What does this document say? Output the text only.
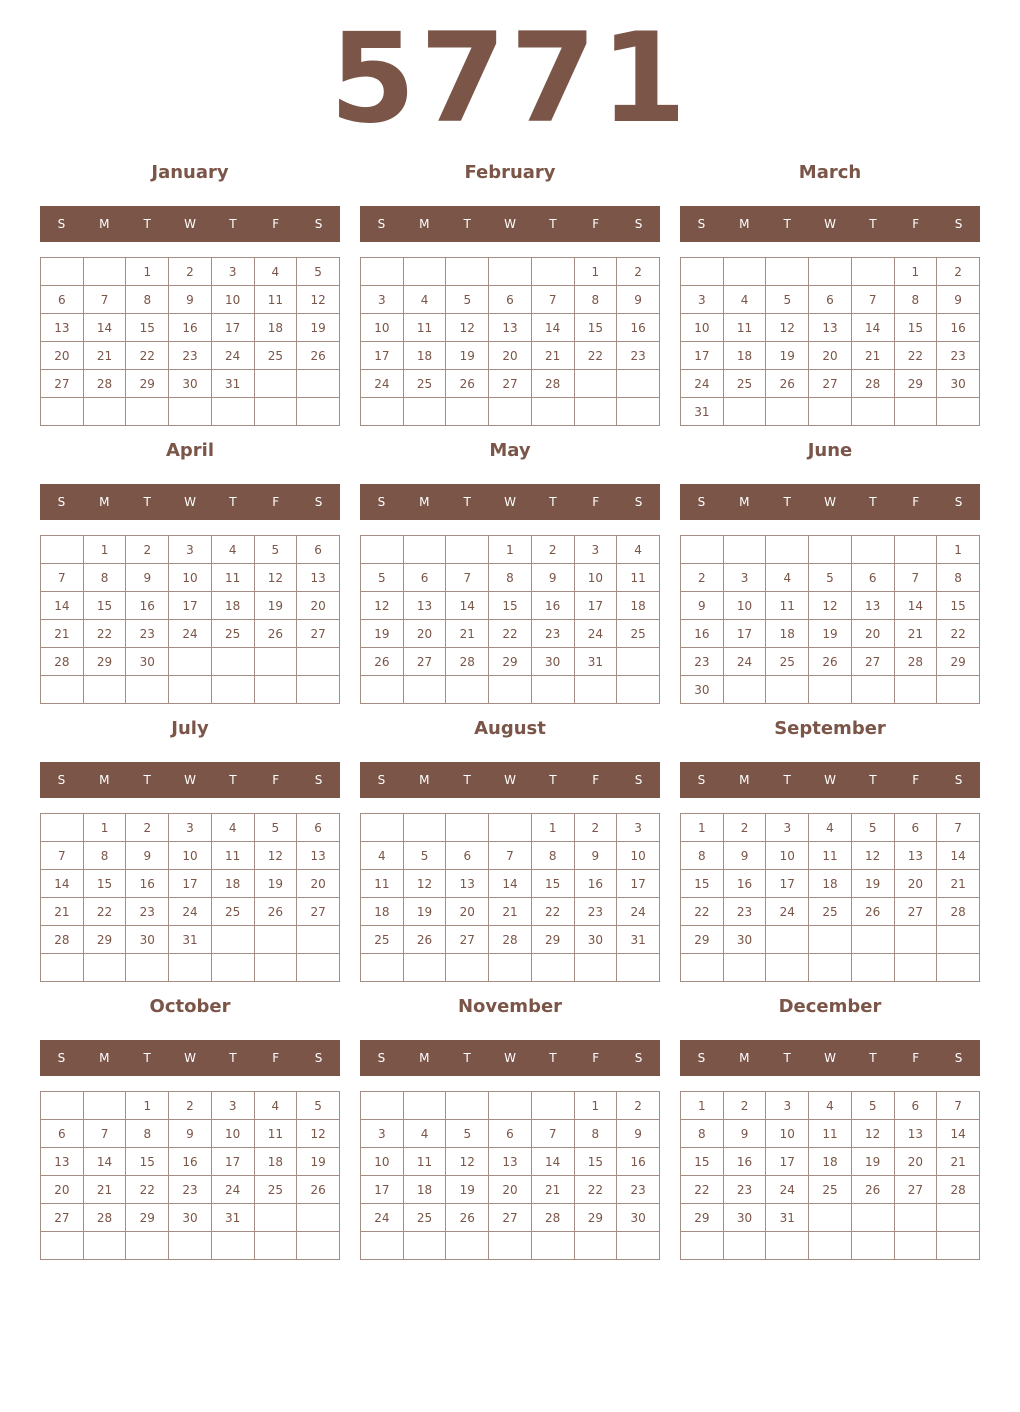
5771
January
S	M	T	W	T	F	S
		1	2	3	4	5
6	7	8	9	10	11	12
13	14	15	16	17	18	19
20	21	22	23	24	25	26
27	28	29	30	31		

February
S	M	T	W	T	F	S
					1	2
3	4	5	6	7	8	9
10	11	12	13	14	15	16
17	18	19	20	21	22	23
24	25	26	27	28		

March
S	M	T	W	T	F	S
					1	2
3	4	5	6	7	8	9
10	11	12	13	14	15	16
17	18	19	20	21	22	23
24	25	26	27	28	29	30
31						
April
S	M	T	W	T	F	S
	1	2	3	4	5	6
7	8	9	10	11	12	13
14	15	16	17	18	19	20
21	22	23	24	25	26	27
28	29	30				

May
S	M	T	W	T	F	S
			1	2	3	4
5	6	7	8	9	10	11
12	13	14	15	16	17	18
19	20	21	22	23	24	25
26	27	28	29	30	31	

June
S	M	T	W	T	F	S
						1
2	3	4	5	6	7	8
9	10	11	12	13	14	15
16	17	18	19	20	21	22
23	24	25	26	27	28	29
30						
July
S	M	T	W	T	F	S
	1	2	3	4	5	6
7	8	9	10	11	12	13
14	15	16	17	18	19	20
21	22	23	24	25	26	27
28	29	30	31			

August
S	M	T	W	T	F	S
				1	2	3
4	5	6	7	8	9	10
11	12	13	14	15	16	17
18	19	20	21	22	23	24
25	26	27	28	29	30	31

September
S	M	T	W	T	F	S
1	2	3	4	5	6	7
8	9	10	11	12	13	14
15	16	17	18	19	20	21
22	23	24	25	26	27	28
29	30					

October
S	M	T	W	T	F	S
		1	2	3	4	5
6	7	8	9	10	11	12
13	14	15	16	17	18	19
20	21	22	23	24	25	26
27	28	29	30	31		

November
S	M	T	W	T	F	S
					1	2
3	4	5	6	7	8	9
10	11	12	13	14	15	16
17	18	19	20	21	22	23
24	25	26	27	28	29	30

December
S	M	T	W	T	F	S
1	2	3	4	5	6	7
8	9	10	11	12	13	14
15	16	17	18	19	20	21
22	23	24	25	26	27	28
29	30	31				
